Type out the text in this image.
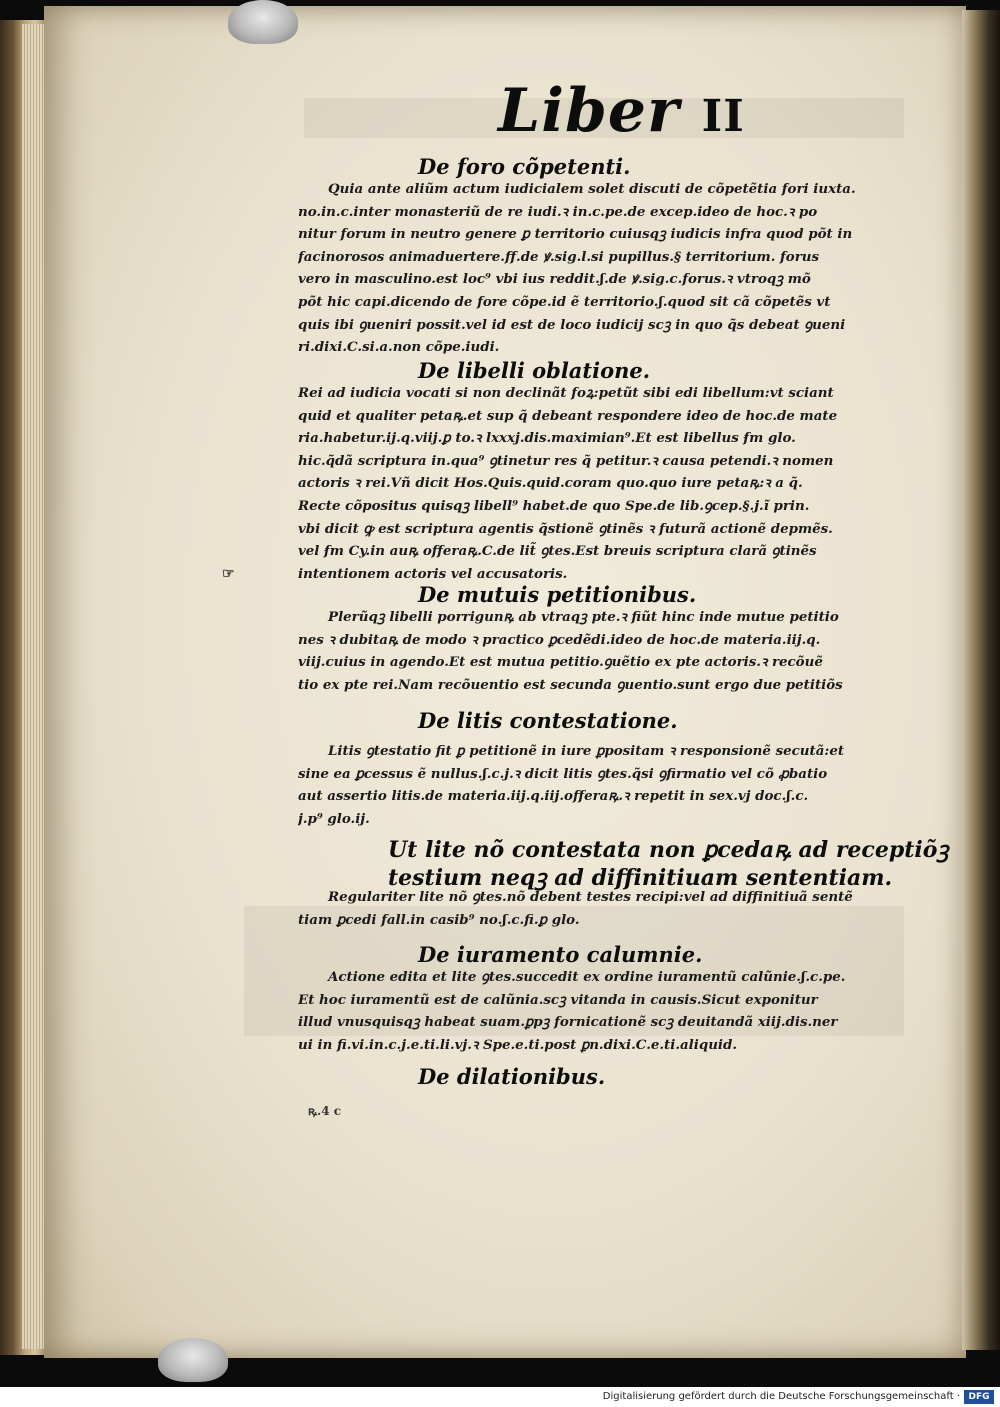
Liber II
De foro cõpetenti.
Quia ante aliũm actum iudicialem solet discuti de cõpetẽtia fori iuxta.
no.in.c.inter monasteriũ de re iudi.ꝛ in.c.pe.de excep.ideo de hoc.ꝛ po
nitur forum in neutro genere ꝑ territorio cuiusqꝫ iudicis infra quod põt in
facinorosos animaduertere.ff.de ꝟ.sig.l.si pupillus.§ territorium. forus
vero in masculino.est loc⁹ vbi ius reddit.ʃ.de ꝟ.sig.c.forus.ꝛ vtroqꝫ mõ
põt hic capi.dicendo de fore cõpe.id ẽ territorio.ʃ.quod sit cã cõpetẽs vt
quis ibi ꝯueniri possit.vel id est de loco iudicij scꝫ in quo q̃s debeat ꝯueni
ri.dixi.C.si.a.non cõpe.iudi.
De libelli oblatione.
Rei ad iudicia vocati si non declinãt foꝝ:petũt sibi edi libellum:vt sciant
quid et qualiter petaꝶ.et sup q̃ debeant respondere ideo de hoc.de mate
ria.habetur.ij.q.viij.ꝑ to.ꝛ lxxxj.dis.maximian⁹.Et est libellus ẜm glo.
hic.q̃dã scriptura in.qua⁹ ꝯtinetur res q̃ petitur.ꝛ causa petendi.ꝛ nomen
actoris ꝛ rei.Vñ dicit Hos.Quis.quid.coram quo.quo iure petaꝶ:ꝛ a q̃.
Recte cõpositus quisqꝫ libell⁹ habet.de quo Spe.de lib.ꝯcep.§.j.ĩ prin.
vbi dicit ꝙ est scriptura agentis q̃stionẽ ꝯtinẽs ꝛ futurã actionẽ depmẽs.
vel ẜm Cy.in auꝶ offeraꝶ.C.de lit̃ ꝯtes.Est breuis scriptura clarã ꝯtinẽs
intentionem actoris vel accusatoris.
De mutuis petitionibus.
Plerũqꝫ libelli porrigunꝶ ab vtraqꝫ pte.ꝛ fiũt hinc inde mutue petitio
nes ꝛ dubitaꝶ de modo ꝛ practico ꝑcedẽdi.ideo de hoc.de materia.iij.q.
viij.cuius in agendo.Et est mutua petitio.ꝯuẽtio ex pte actoris.ꝛ recõuẽ
tio ex pte rei.Nam recõuentio est secunda ꝯuentio.sunt ergo due petitiõs
De litis contestatione.
Litis ꝯtestatio fit ꝑ petitionẽ in iure ꝑpositam ꝛ responsionẽ secutã:et
sine ea ꝑcessus ẽ nullus.ʃ.c.j.ꝛ dicit litis ꝯtes.q̃si ꝯfirmatio vel cõ ꝓbatio
aut assertio litis.de materia.iij.q.iij.offeraꝶ.ꝛ repetit in sex.vj doc.ʃ.c.
j.p⁹ glo.ij.
Ut lite nõ contestata non ꝑcedaꝶ ad receptiõꝫ
testium neqꝫ ad diffinitiuam sententiam.
Regulariter lite nõ ꝯtes.nõ debent testes recipi:vel ad diffinitiuã sentẽ
tiam ꝑcedi fall.in casib⁹ no.ʃ.c.fi.ꝑ glo.
De iuramento calumnie.
Actione edita et lite ꝯtes.succedit ex ordine iuramentũ calũnie.ʃ.c.pe.
Et hoc iuramentũ est de calũnia.scꝫ vitanda in causis.Sicut exponitur
illud vnusquisqꝫ habeat suam.ꝑpꝫ fornicationẽ scꝫ deuitandã xiij.dis.ner
ui in fi.vi.in.c.j.e.ti.li.vj.ꝛ Spe.e.ti.post ꝑn.dixi.C.e.ti.aliquid.
De dilationibus.
ꝶ.4 c
☞
Digitalisierung gefördert durch die Deutsche Forschungsgemeinschaft · DFG
